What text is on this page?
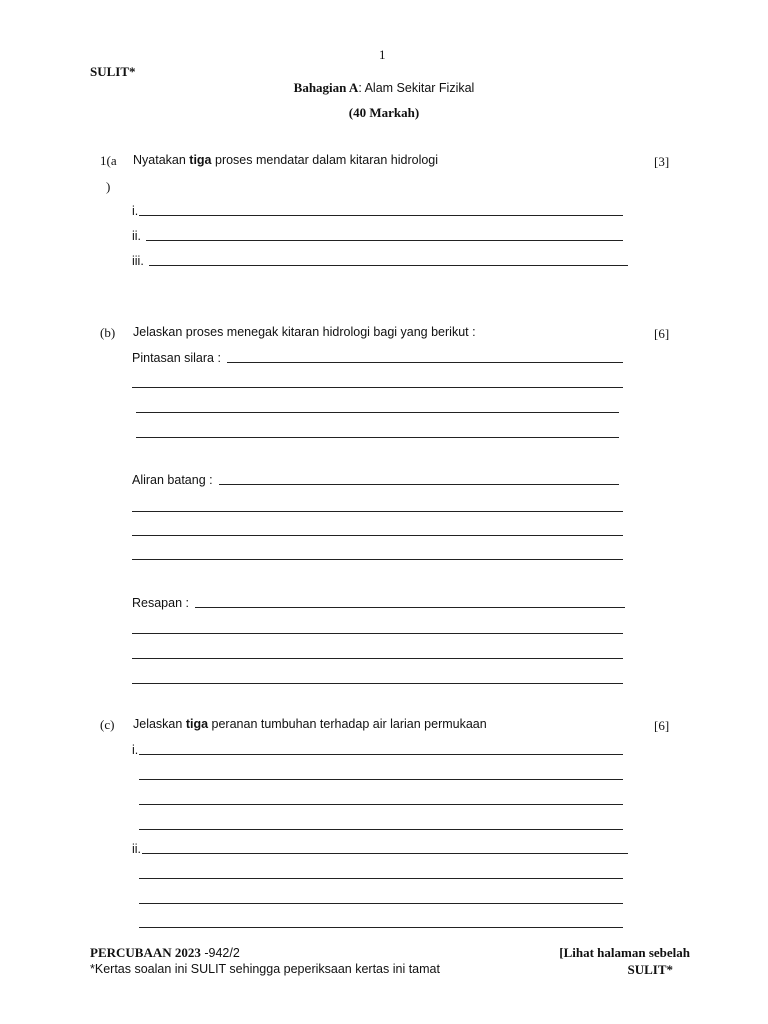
1
SULIT*
Bahagian A: Alam Sekitar Fizikal
(40 Markah)
1(a
)
Nyatakan tiga proses mendatar dalam kitaran hidrologi	[3]
i.
ii.
iii.
(b) Jelaskan proses menegak kitaran hidrologi bagi yang berikut :	[6]
Pintasan silara :
Aliran batang :
Resapan :
(c) Jelaskan tiga peranan tumbuhan terhadap air larian permukaan	[6]
i.
ii.
PERCUBAAN 2023 -942/2
*Kertas soalan ini SULIT sehingga peperiksaan kertas ini tamat
[Lihat halaman sebelah
SULIT*
